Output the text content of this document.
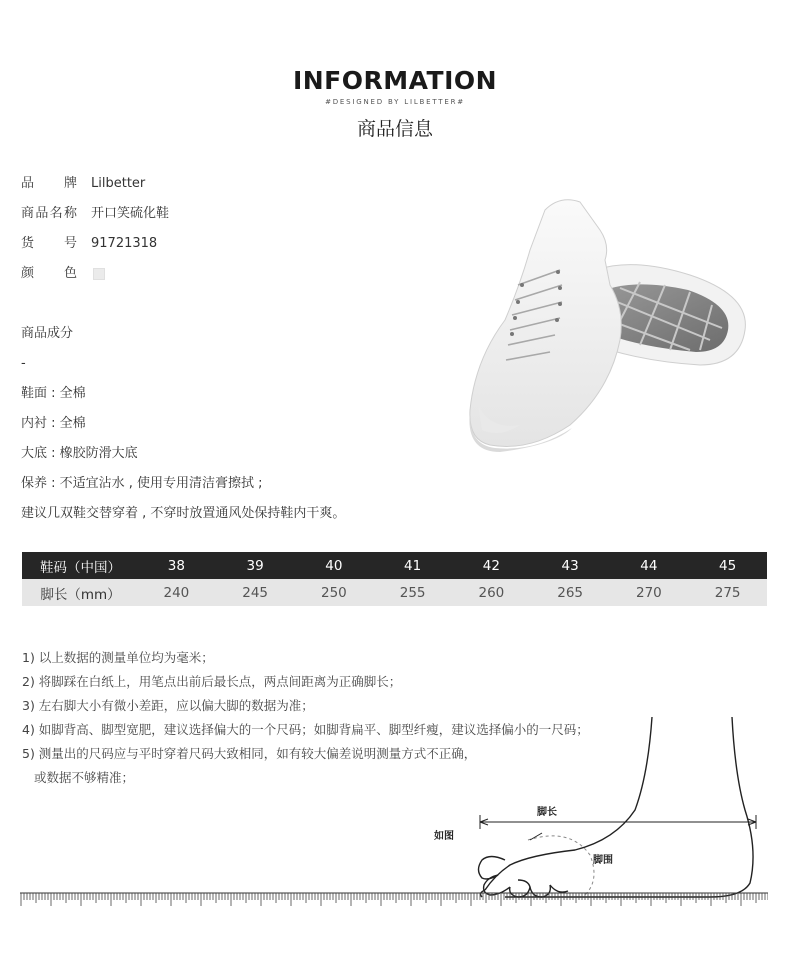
INFORMATION
#DESIGNED BY LILBETTER#
商品信息
品牌 Lilbetter
商品名称 开口笑硫化鞋
货号 91721318
颜色
商品成分
-
鞋面 : 全棉
内衬 : 全棉
大底 : 橡胶防滑大底
保养 : 不适宜沾水 , 使用专用清洁膏擦拭 ;
建议几双鞋交替穿着 , 不穿时放置通风处保持鞋内干爽。
鞋码（中国）	38	39	40	41	42	43	44	45
脚长（mm）	240	245	250	255	260	265	270	275
1) 以上数据的测量单位均为毫米；
2) 将脚踩在白纸上，用笔点出前后最长点，两点间距离为正确脚长；
3) 左右脚大小有微小差距，应以偏大脚的数据为准；
4) 如脚背高、脚型宽肥，建议选择偏大的一个尺码；如脚背扁平、脚型纤瘦，建议选择偏小的一尺码；
5) 测量出的尺码应与平时穿着尺码大致相同，如有较大偏差说明测量方式不正确，
或数据不够精准；
脚长
如图
脚围
